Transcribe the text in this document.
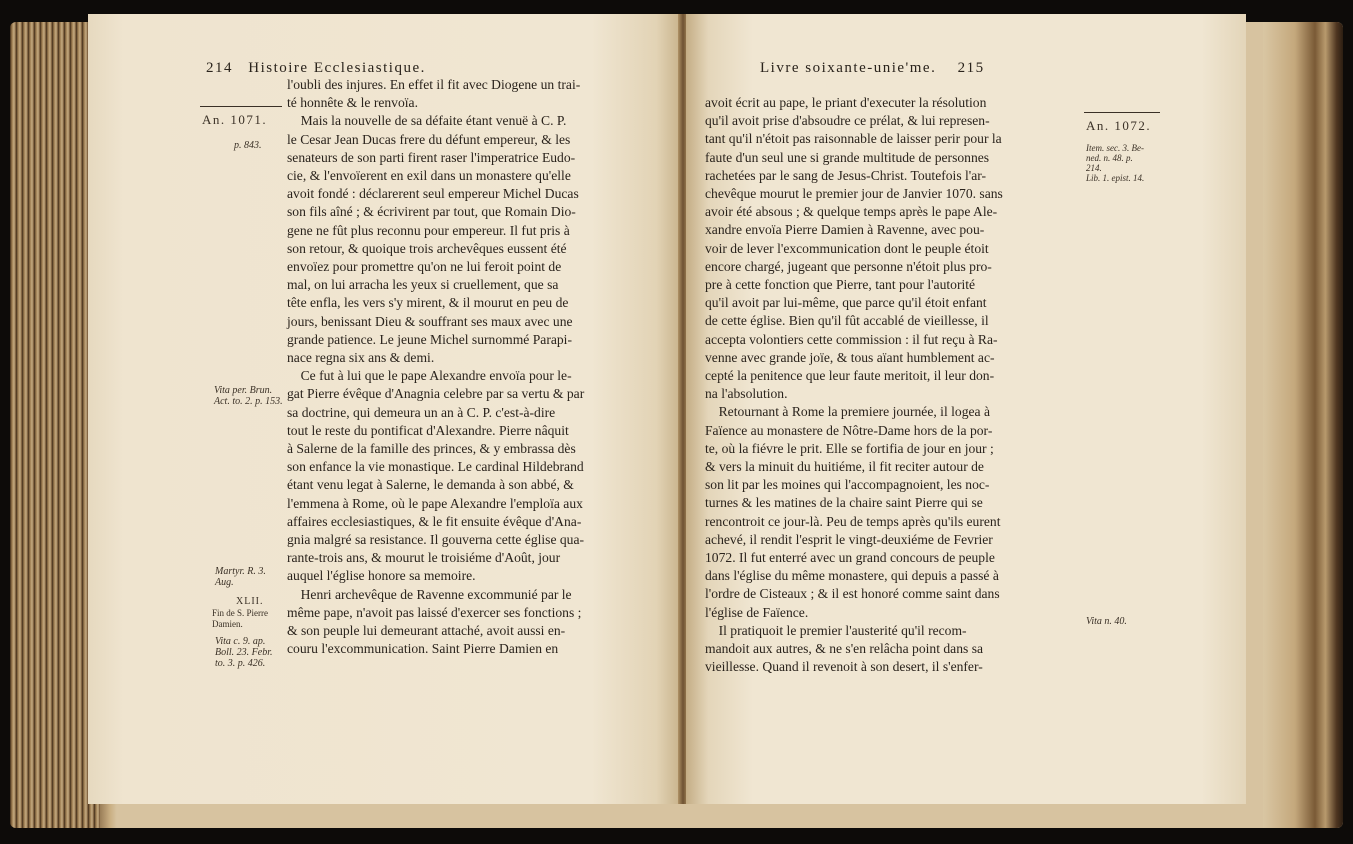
214 Histoire Ecclesiastique.
An. 1071.
p. 843.
Vita per. Brun.
Act. to. 2. p. 153.
Martyr. R. 3.
Aug.
XLII.
Fin de S. Pierre
Damien.
Vita c. 9. ap.
Boll. 23. Febr.
to. 3. p. 426.
l'oubli des injures. En effet il fit avec Diogene un trai-
té honnête & le renvoïa.
Mais la nouvelle de sa défaite étant venuë à C. P.
le Cesar Jean Ducas frere du défunt empereur, & les
senateurs de son parti firent raser l'imperatrice Eudo-
cie, & l'envoïerent en exil dans un monastere qu'elle
avoit fondé : déclarerent seul empereur Michel Ducas
son fils aîné ; & écrivirent par tout, que Romain Dio-
gene ne fût plus reconnu pour empereur. Il fut pris à
son retour, & quoique trois archevêques eussent été
envoïez pour promettre qu'on ne lui feroit point de
mal, on lui arracha les yeux si cruellement, que sa
tête enfla, les vers s'y mirent, & il mourut en peu de
jours, benissant Dieu & souffrant ses maux avec une
grande patience. Le jeune Michel surnommé Parapi-
nace regna six ans & demi.
Ce fut à lui que le pape Alexandre envoïa pour le-
gat Pierre évêque d'Anagnia celebre par sa vertu & par
sa doctrine, qui demeura un an à C. P. c'est-à-dire
tout le reste du pontificat d'Alexandre. Pierre nâquit
à Salerne de la famille des princes, & y embrassa dès
son enfance la vie monastique. Le cardinal Hildebrand
étant venu legat à Salerne, le demanda à son abbé, &
l'emmena à Rome, où le pape Alexandre l'emploïa aux
affaires ecclesiastiques, & le fit ensuite évêque d'Ana-
gnia malgré sa resistance. Il gouverna cette église qua-
rante-trois ans, & mourut le troisiéme d'Août, jour
auquel l'église honore sa memoire.
Henri archevêque de Ravenne excommunié par le
même pape, n'avoit pas laissé d'exercer ses fonctions ;
& son peuple lui demeurant attaché, avoit aussi en-
couru l'excommunication. Saint Pierre Damien en
Livre soixante-unie'me. 215
An. 1072.
Item. sec. 3. Be-
ned. n. 48. p.
214.
Lib. 1. epist. 14.
Vita n. 40.
avoit écrit au pape, le priant d'executer la résolution
qu'il avoit prise d'absoudre ce prélat, & lui represen-
tant qu'il n'étoit pas raisonnable de laisser perir pour la
faute d'un seul une si grande multitude de personnes
rachetées par le sang de Jesus-Christ. Toutefois l'ar-
chevêque mourut le premier jour de Janvier 1070. sans
avoir été absous ; & quelque temps après le pape Ale-
xandre envoïa Pierre Damien à Ravenne, avec pou-
voir de lever l'excommunication dont le peuple étoit
encore chargé, jugeant que personne n'étoit plus pro-
pre à cette fonction que Pierre, tant pour l'autorité
qu'il avoit par lui-même, que parce qu'il étoit enfant
de cette église. Bien qu'il fût accablé de vieillesse, il
accepta volontiers cette commission : il fut reçu à Ra-
venne avec grande joïe, & tous aïant humblement ac-
cepté la penitence que leur faute meritoit, il leur don-
na l'absolution.
Retournant à Rome la premiere journée, il logea à
Faïence au monastere de Nôtre-Dame hors de la por-
te, où la fiévre le prit. Elle se fortifia de jour en jour ;
& vers la minuit du huitiéme, il fit reciter autour de
son lit par les moines qui l'accompagnoient, les noc-
turnes & les matines de la chaire saint Pierre qui se
rencontroit ce jour-là. Peu de temps après qu'ils eurent
achevé, il rendit l'esprit le vingt-deuxiéme de Fevrier
1072. Il fut enterré avec un grand concours de peuple
dans l'église du même monastere, qui depuis a passé à
l'ordre de Cisteaux ; & il est honoré comme saint dans
l'église de Faïence.
Il pratiquoit le premier l'austerité qu'il recom-
mandoit aux autres, & ne s'en relâcha point dans sa
vieillesse. Quand il revenoit à son desert, il s'enfer-
